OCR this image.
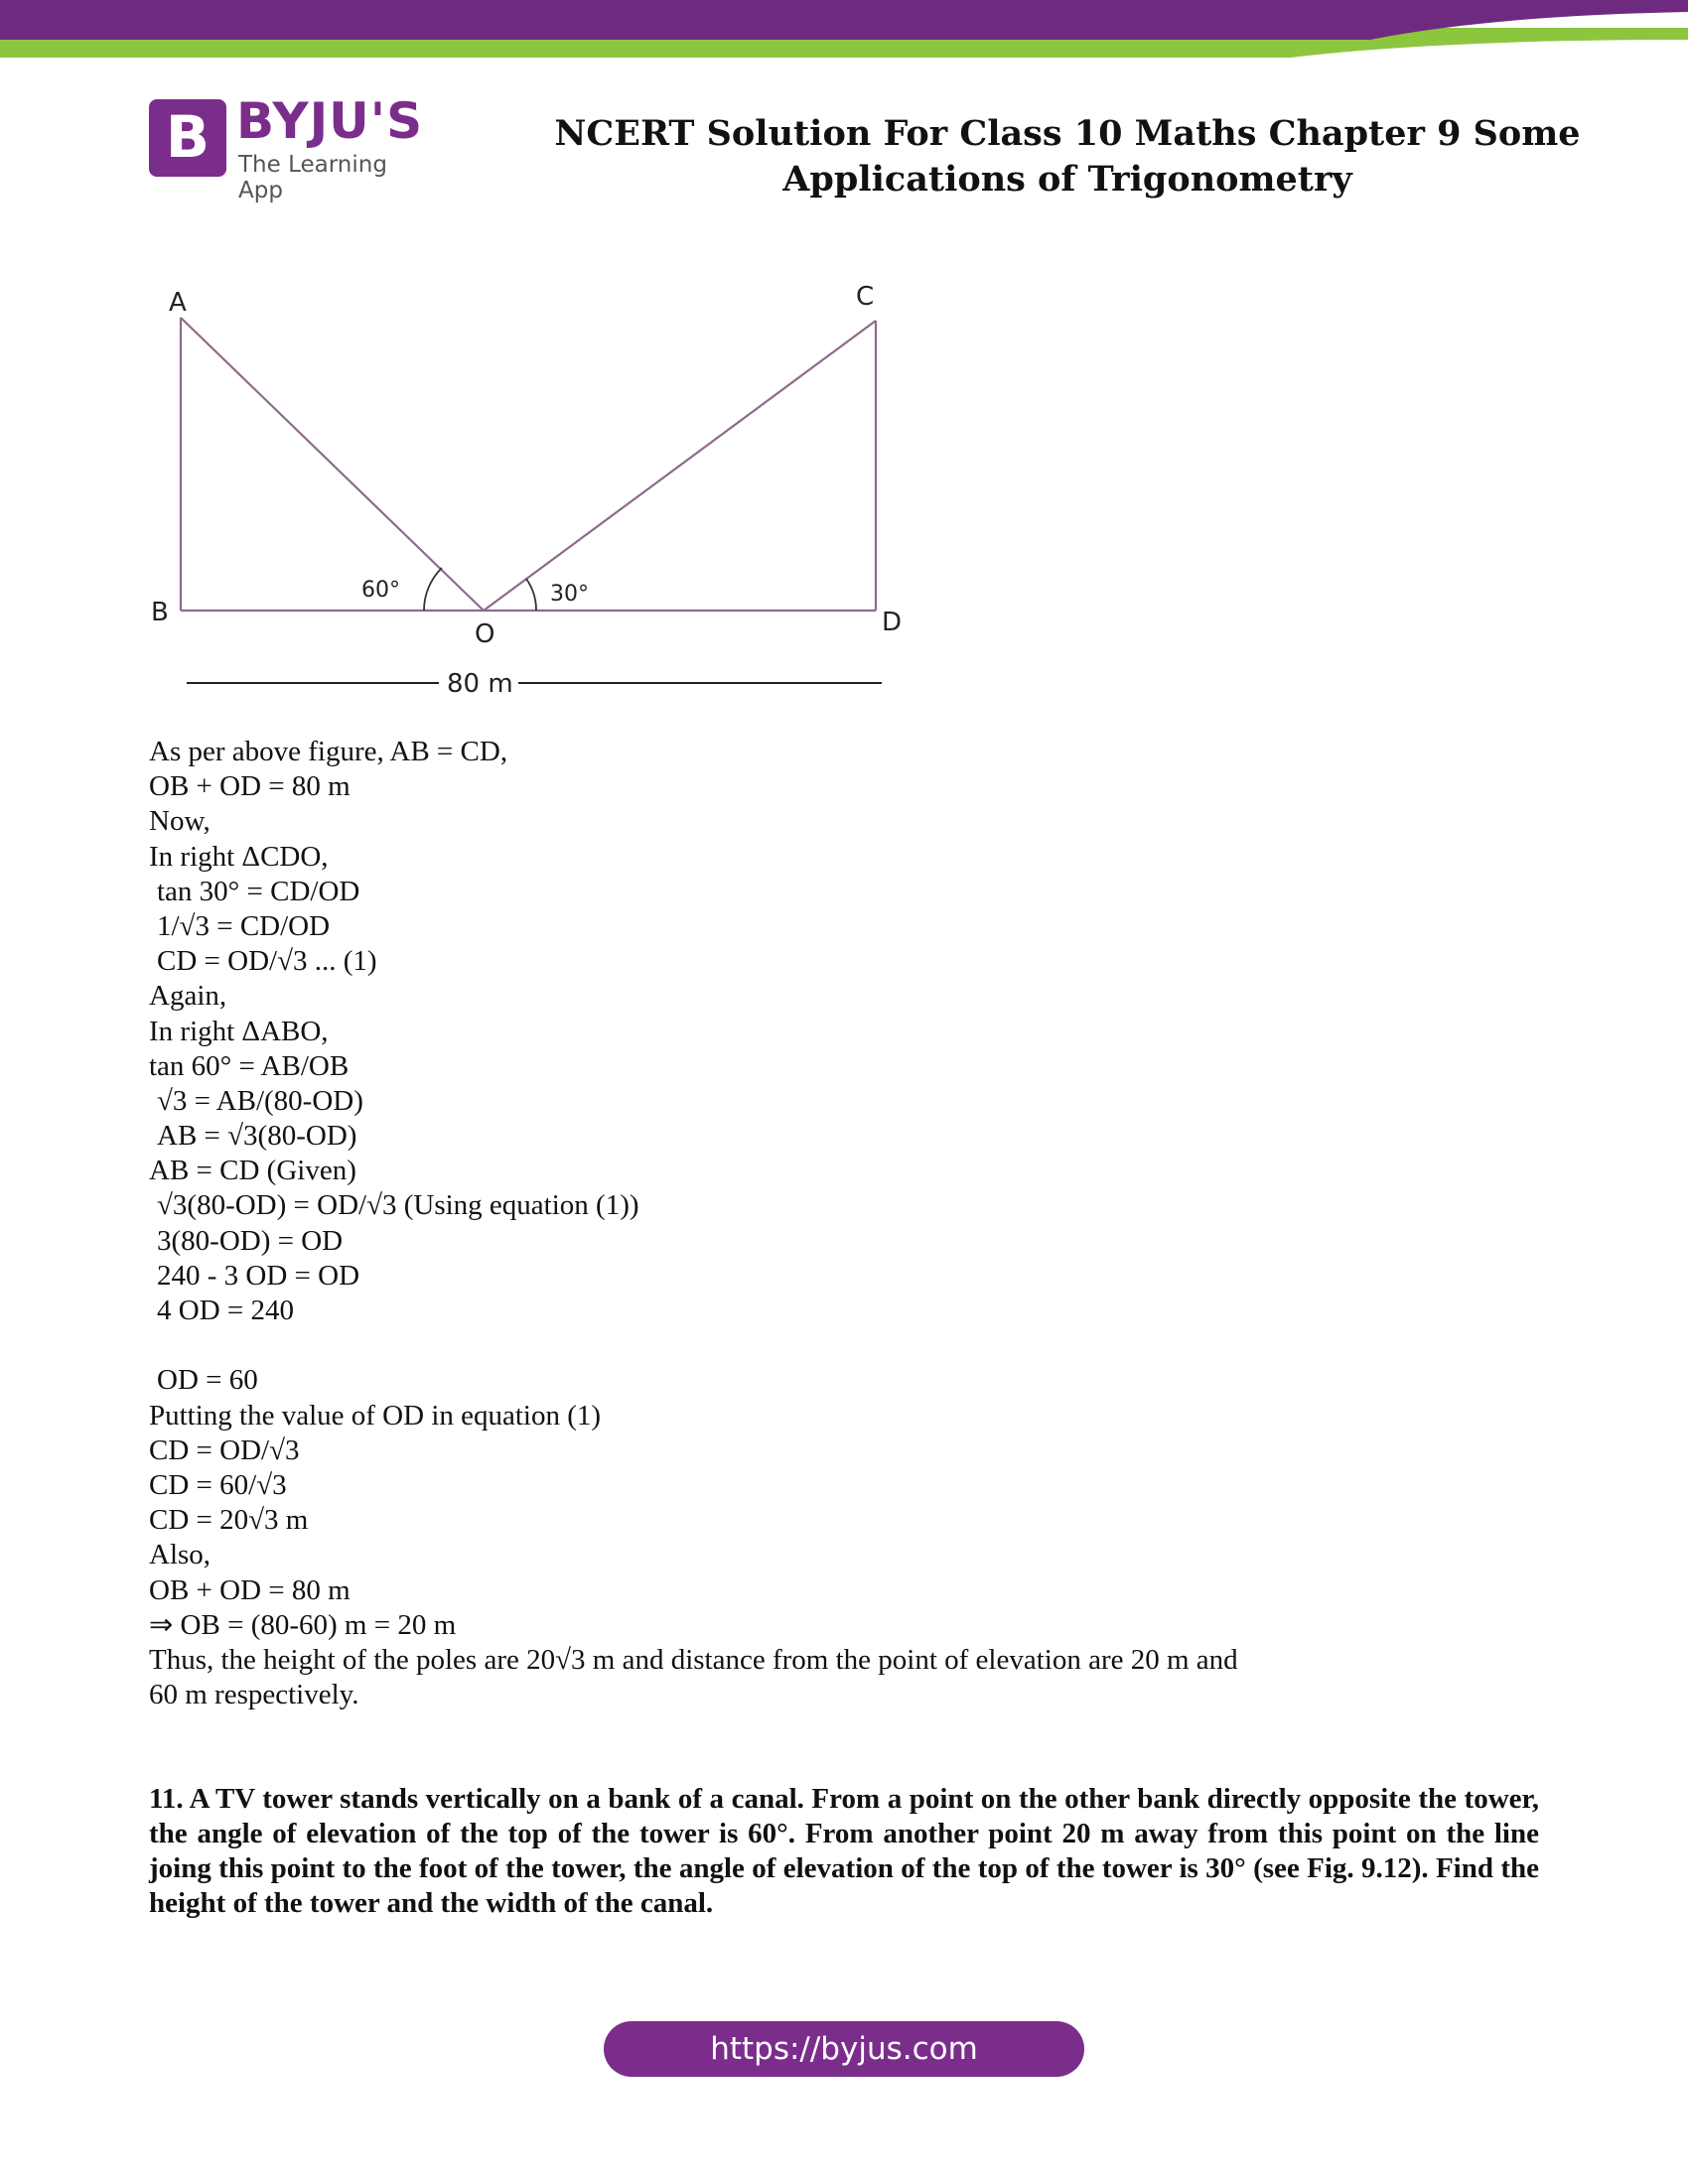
B BYJU'S
The Learning App
NCERT Solution For Class 10 Maths Chapter 9 Some Applications of Trigonometry
A
B
C
D
O
80 m
60°	30°
As per above figure, AB = CD,
OB + OD = 80 m
Now,
In right ΔCDO,
tan 30° = CD/OD
1/√3 = CD/OD
CD = OD/√3 ... (1)
Again,
In right ΔABO,
tan 60° = AB/OB
√3 = AB/(80-OD)
AB = √3(80-OD)
AB = CD (Given)
√3(80-OD) = OD/√3 (Using equation (1))
3(80-OD) = OD
240 - 3 OD = OD
4 OD = 240
OD = 60
Putting the value of OD in equation (1)
CD = OD/√3
CD = 60/√3
CD = 20√3 m
Also,
OB + OD = 80 m
⇒ OB = (80-60) m = 20 m
Thus, the height of the poles are 20√3 m and distance from the point of elevation are 20 m and
60 m respectively.
11. A TV tower stands vertically on a bank of a canal. From a point on the other bank directly opposite the tower, the angle of elevation of the top of the tower is 60°. From another point 20 m away from this point on the line joing this point to the foot of the tower, the angle of elevation of the top of the tower is 30° (see Fig. 9.12). Find the height of the tower and the width of the canal.
https://byjus.com
